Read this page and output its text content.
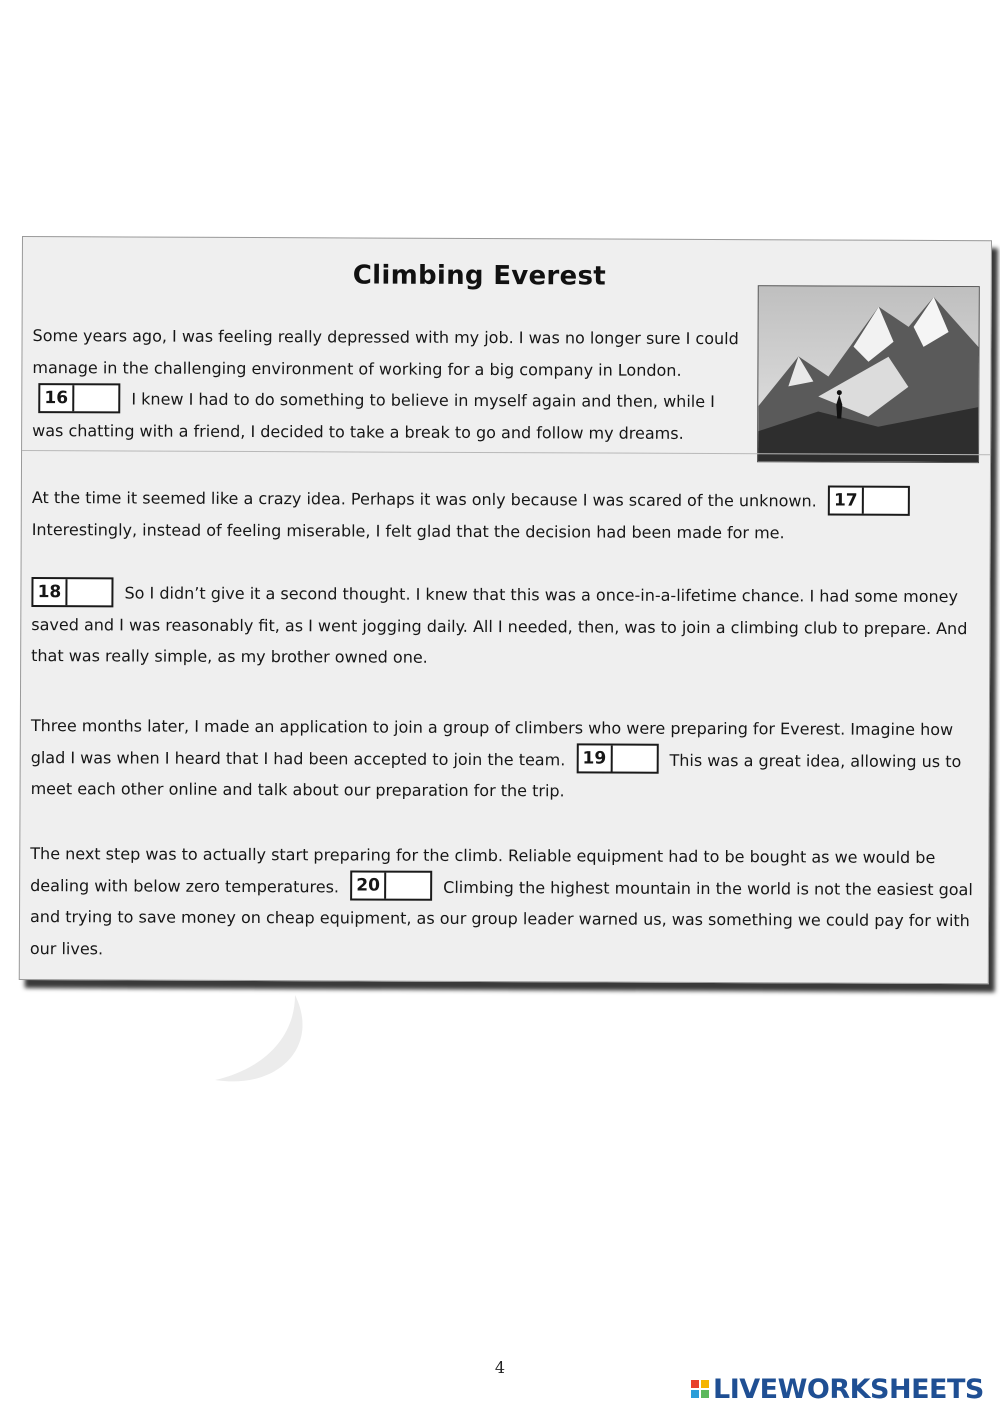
Climbing Everest
Some years ago, I was feeling really depressed with my job. I was no longer sure I could manage in the challenging environment of working for a big company in London. 16	I knew I had to do something to believe in myself again and then, while I was chatting with a friend, I decided to take a break to go and follow my dreams.
At the time it seemed like a crazy idea. Perhaps it was only because I was scared of the unknown. 17 Interestingly, instead of feeling miserable, I felt glad that the decision had been made for me.
18	So I didn’t give it a second thought. I knew that this was a once-in-a-lifetime chance. I had some money saved and I was reasonably fit, as I went jogging daily. All I needed, then, was to join a climbing club to prepare. And that was really simple, as my brother owned one.
Three months later, I made an application to join a group of climbers who were preparing for Everest. Imagine how glad I was when I heard that I had been accepted to join the team. 19	This was a great idea, allowing us to meet each other online and talk about our preparation for the trip.
The next step was to actually start preparing for the climb. Reliable equipment had to be bought as we would be dealing with below zero temperatures. 20	Climbing the highest mountain in the world is not the easiest goal and trying to save money on cheap equipment, as our group leader warned us, was something we could pay for with our lives.
4
LIVEWORKSHEETS
